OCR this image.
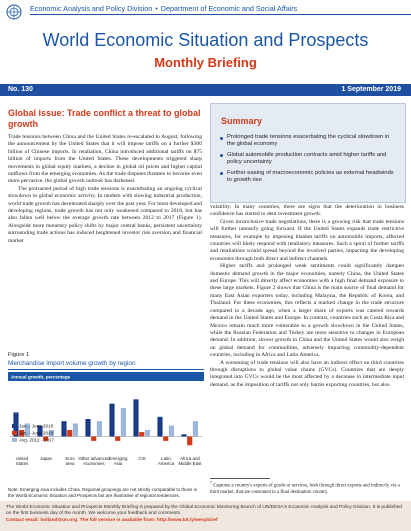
Economic Analysis and Policy Division • Department of Economic and Social Affairs
World Economic Situation and Prospects
Monthly Briefing
No. 130	1 September 2019
Global issue: Trade conflict a threat to global growth

Trade tensions between China and the United States re-escalated in August, following the announcement by the United States that it will impose tariffs on a further $300 billion of Chinese imports. In retaliation, China introduced additional tariffs on $75 billion of imports from the United States. These developments triggered sharp movements in global equity markets, a decline in global oil prices and higher capital outflows from the emerging economies. As the trade disputes threaten to become even more pervasive, the global growth outlook has darkened.

The protracted period of high trade tensions is exacerbating an ongoing cyclical slowdown in global economic activity. In tandem with slowing industrial production, world trade growth has decelerated sharply over the past year. For most developed and developing regions, trade growth has not only weakened compared to 2018, but has also fallen well below the average growth rate between 2012 to 2017 (Figure 1). Alongside more monetary policy shifts by major central banks, persistent uncertainty surrounding trade actions has induced heightened investor risk aversion and financial market

Summary
Prolonged trade tensions exacerbating the cyclical slowdown in the global economy
Global automobile production contracts amid higher tariffs and policy uncertainty
Further easing of macroeconomic policies as external headwinds to growth rise

volatility. In many countries, there are signs that the deterioration in business confidence has started to dent investment growth.

Given inconclusive trade negotiations, there is a growing risk that trade tensions will further intensify going forward. If the United States expands trade restrictive measures, for example by imposing blanket tariffs on automobile imports, affected countries will likely respond with retaliatory measures. Such a spiral of further tariffs and retaliations would spread beyond the involved parties, impacting the developing economies through both direct and indirect channels.

Higher tariffs and prolonged weak sentiments could significantly dampen domestic demand growth in the major economies, namely China, the United States and Europe. This will directly affect economies with a high final demand exposure to these large markets. Figure 2 shows that China is the main source of final demand for many East Asian exporters today, including Malaysia, the Republic of Korea, and Thailand. For these economies, this reflects a marked change in the trade structure compared to a decade ago, when a larger share of exports was catered towards demand in the United States and Europe. In contrast, countries such as Costa Rica and Mexico remain much more vulnerable to a growth slowdown in the United States, while the Russian Federation and Turkey are more sensitive to changes in European demand. In addition, slower growth in China and the United States would also weigh on global demand for commodities, adversely impacting commodity-dependent countries, including in Africa and Latin America.

A worsening of trade tensions will also have an indirect effect on third countries through disruptions to global value chains (GVCs). Countries that are deeply integrated into GVCs would be the most affected by a decrease in intermediate input demand, as the imposition of tariffs not only harms exporting countries, but also

Figure 1
Merchandise import volume growth by region
Annual growth, percentage
United
States
Japan	Euro
area
Other advanced
economies
Emerging
Asia
CIS	Latin
America
Africa and
Middle East
Jan. - June 2018
Jan. - June 2019
Avg. 2012 - 2017
Note: Emerging Asia includes China. Regional groupings are not strictly comparable to those in the World Economic Situation and Prospects but are illustrative of regional tendencies.
$^7$ Captures a country's exports of goods or services, both through direct exports and indirectly via a third market, that are consumed in a final destination country.
The World Economic Situation and Prospects Monthly Briefing is prepared by the Global Economic Monitoring Branch of UN/DESA's Economic Analysis and Policy Division. It is published on the first business day of the month. We welcome your feedback and comments.
Contact email: holland@un.org. The full version is available from: http://www.bit.ly/wespbrief
